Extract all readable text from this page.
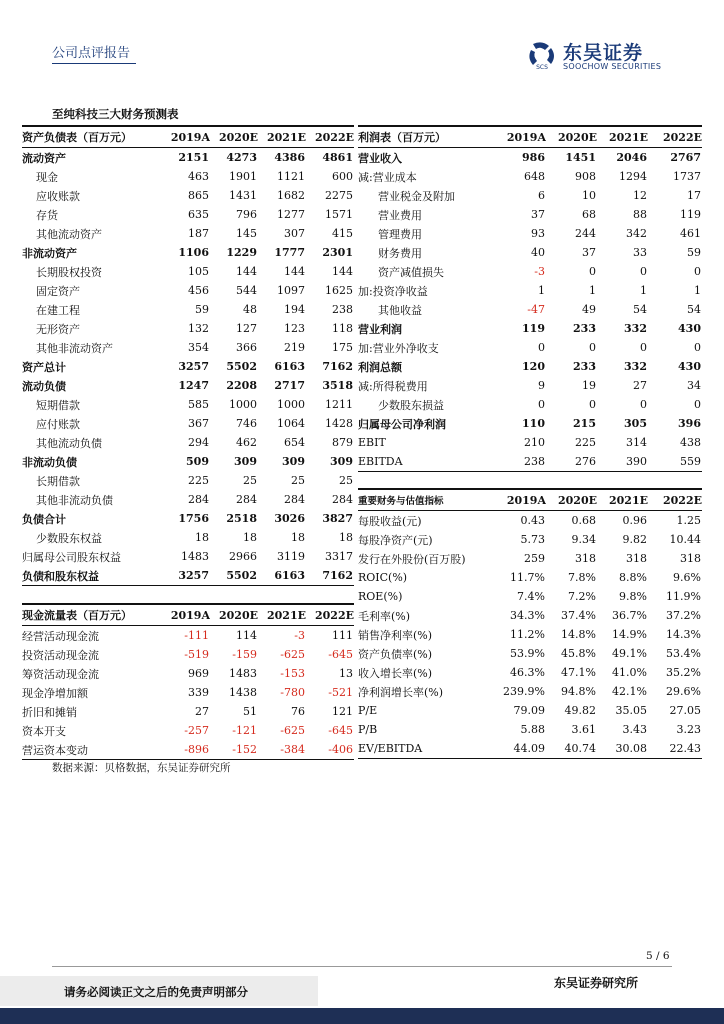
公司点评报告
SCS
东吴证券
SOOCHOW SECURITIES
至纯科技三大财务预测表
资产负债表（百万元）	2019A	2020E	2021E	2022E
流动资产	2151	4273	4386	4861
现金	463	1901	1121	600
应收账款	865	1431	1682	2275
存货	635	796	1277	1571
其他流动资产	187	145	307	415
非流动资产	1106	1229	1777	2301
长期股权投资	105	144	144	144
固定资产	456	544	1097	1625
在建工程	59	48	194	238
无形资产	132	127	123	118
其他非流动资产	354	366	219	175
资产总计	3257	5502	6163	7162
流动负债	1247	2208	2717	3518
短期借款	585	1000	1000	1211
应付账款	367	746	1064	1428
其他流动负债	294	462	654	879
非流动负债	509	309	309	309
长期借款	225	25	25	25
其他非流动负债	284	284	284	284
负债合计	1756	2518	3026	3827
少数股东权益	18	18	18	18
归属母公司股东权益	1483	2966	3119	3317
负债和股东权益	3257	5502	6163	7162
利润表（百万元）	2019A	2020E	2021E	2022E
营业收入	986	1451	2046	2767
减:营业成本	648	908	1294	1737
营业税金及附加	6	10	12	17
营业费用	37	68	88	119
管理费用	93	244	342	461
财务费用	40	37	33	59
资产减值损失	-3	0	0	0
加:投资净收益	1	1	1	1
其他收益	-47	49	54	54
营业利润	119	233	332	430
加:营业外净收支	0	0	0	0
利润总额	120	233	332	430
减:所得税费用	9	19	27	34
少数股东损益	0	0	0	0
归属母公司净利润	110	215	305	396
EBIT	210	225	314	438
EBITDA	238	276	390	559
现金流量表（百万元）	2019A	2020E	2021E	2022E
经营活动现金流	-111	114	-3	111
投资活动现金流	-519	-159	-625	-645
筹资活动现金流	969	1483	-153	13
现金净增加额	339	1438	-780	-521
折旧和摊销	27	51	76	121
资本开支	-257	-121	-625	-645
营运资本变动	-896	-152	-384	-406
重要财务与估值指标	2019A	2020E	2021E	2022E
每股收益(元)	0.43	0.68	0.96	1.25
每股净资产(元)	5.73	9.34	9.82	10.44
发行在外股份(百万股)	259	318	318	318
ROIC(%)	11.7%	7.8%	8.8%	9.6%
ROE(%)	7.4%	7.2%	9.8%	11.9%
毛利率(%)	34.3%	37.4%	36.7%	37.2%
销售净利率(%)	11.2%	14.8%	14.9%	14.3%
资产负债率(%)	53.9%	45.8%	49.1%	53.4%
收入增长率(%)	46.3%	47.1%	41.0%	35.2%
净利润增长率(%)	239.9%	94.8%	42.1%	29.6%
P/E	79.09	49.82	35.05	27.05
P/B	5.88	3.61	3.43	3.23
EV/EBITDA	44.09	40.74	30.08	22.43
数据来源：贝格数据，东吴证券研究所
5 / 6
请务必阅读正文之后的免责声明部分
东吴证券研究所
